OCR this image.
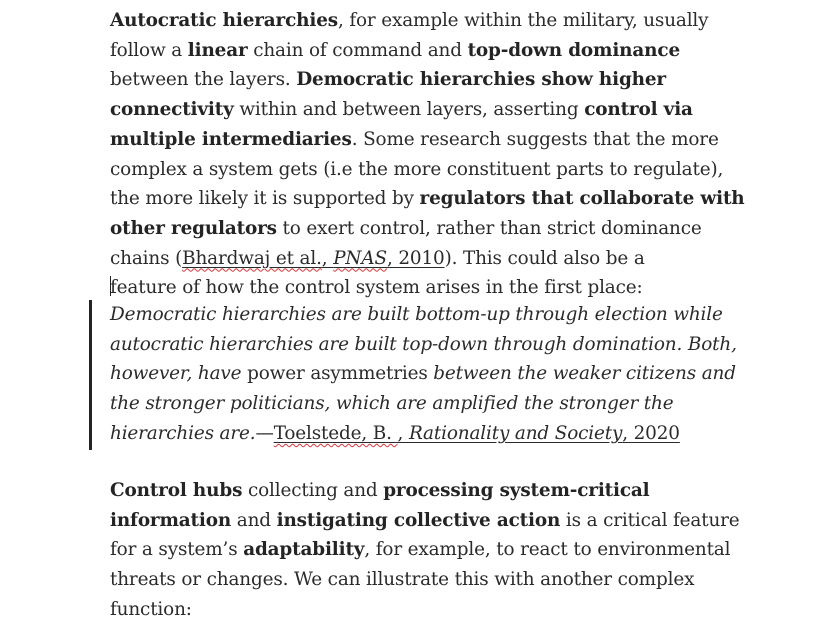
Autocratic hierarchies, for example within the military, usually follow a linear chain of command and top-down dominance between the layers. Democratic hierarchies show higher connectivity within and between layers, asserting control via multiple intermediaries. Some research suggests that the more complex a system gets (i.e the more constituent parts to regulate), the more likely it is supported by regulators that collaborate with other regulators to exert control, rather than strict dominance chains (Bhardwaj et al., PNAS, 2010). This could also be a
feature of how the control system arises in the first place:

Democratic hierarchies are built bottom-up through election while autocratic hierarchies are built top-down through domination. Both, however, have power asymmetries between the weaker citizens and the stronger politicians, which are amplified the stronger the hierarchies are.—Toelstede, B. , Rationality and Society, 2020

Control hubs collecting and processing system-critical information and instigating collective action is a critical feature for a system’s adaptability, for example, to react to environmental threats or changes. We can illustrate this with another complex function:
